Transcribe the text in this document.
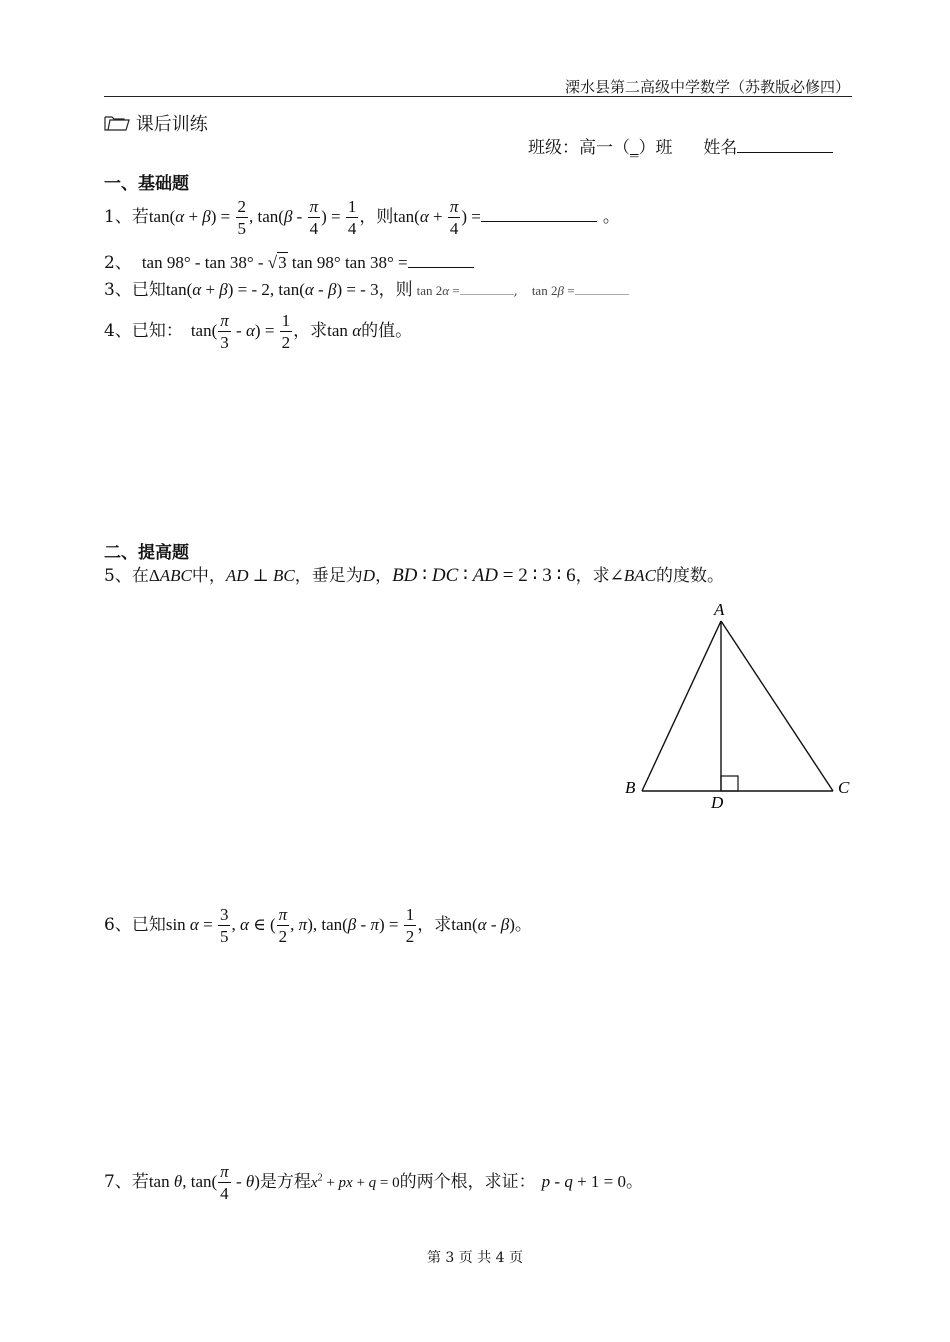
溧水县第二高级中学数学（苏教版必修四）
课后训练
班级：高一（_）班 姓名
一、基础题
1、若$\tan(\alpha + \beta) = \frac{2}{5}$ , $\tan(\beta - \frac{\pi}{4}$ ) = $\frac{1}{4}$ ，则$\tan(\alpha + \frac{\pi}{4}$ ) =	。
2、 tan 98° - tan 38° - √3 tan 98° tan 38° =
3、已知tan(α + β) = - 2, tan(α - β) = - 3，则 tan 2α =	, tan 2β =
4、已知： $\tan( \frac{\pi}{3} - \alpha) = \frac{1}{2}$ ，求tan α的值。
二、提高题
5、在ΔABC中，AD ⊥ BC，垂足为D，BD ∶ DC ∶ AD = 2 ∶ 3 ∶ 6，求∠BAC的度数。
A
B	C
D
6、已知$\sin \alpha = \frac{3}{5}$ , α ∈ ( $\frac{\pi}{2}$ , π), $\tan(\beta - \pi) = \frac{1}{2}$ ，求tan(α - β)。
7、若tan θ, $\tan( \frac{\pi}{4} - \theta)$是方程$x^2$ + px + q = 0的两个根，求证： p - q + 1 = 0。
第 3 页 共 4 页
